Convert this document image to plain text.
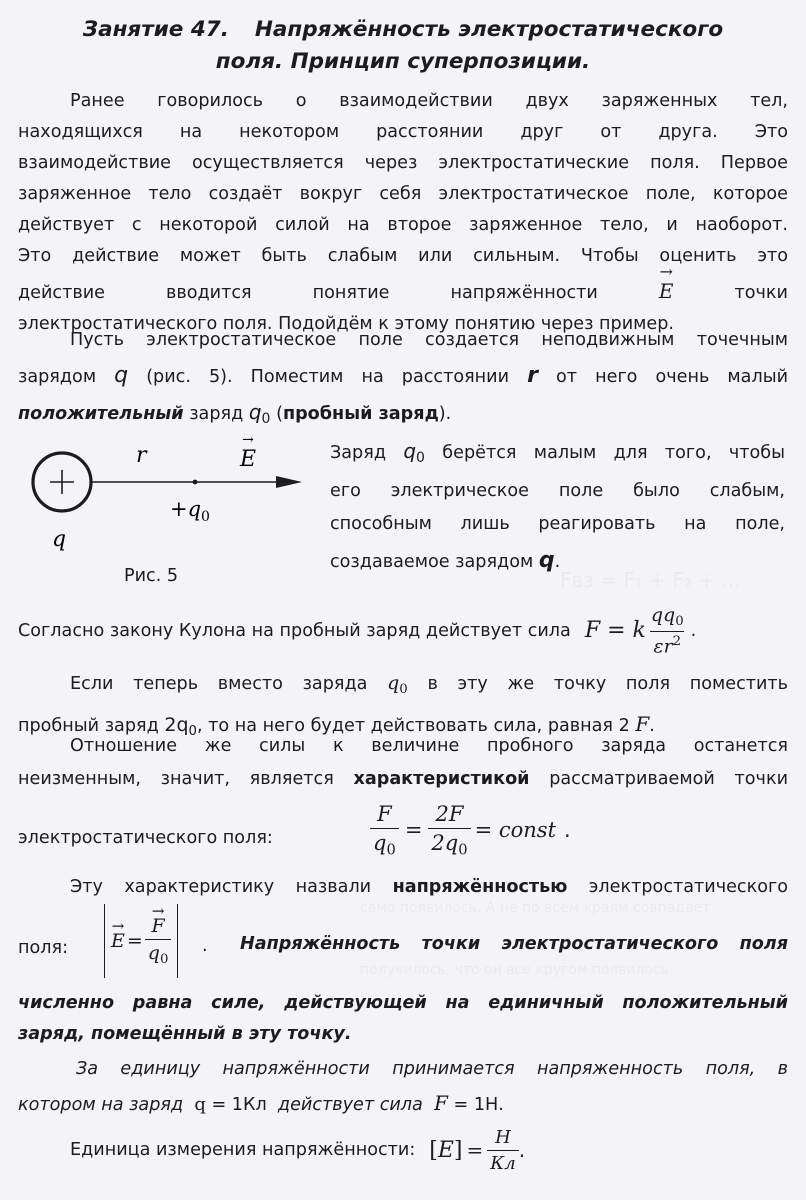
Fвз = F₁ + F₂ + ...
само появилось. А не по всем краям совпадает
получилось, что он все кругом появилось
Занятие 47. Напряжённость электростатического
поля. Принцип суперпозиции.
Ранее говорилось о взаимодействии двух заряженных тел,
находящихся на некотором расстоянии друг от друга. Это
взаимодействие осуществляется через электростатические поля. Первое
заряженное тело создаёт вокруг себя электростатическое поле, которое
действует с некоторой силой на второе заряженное тело, и наоборот.
Это действие может быть слабым или сильным. Чтобы оценить это
действие	вводится	понятие	напряжённости
→
E	точки
электростатического поля. Подойдём к этому понятию через пример.
Пусть электростатическое поле создается неподвижным точечным
зарядом q (рис. 5). Поместим на расстоянии r от него очень малый
положительный заряд $q_0$ (пробный заряд).
r
→
E
$+q_0$
q
Рис. 5
Заряд $q_0$ берётся малым для того, чтобы
его электрическое поле было слабым,
способным лишь реагировать на поле,
создаваемое зарядом q.
Согласно закону Кулона на пробный заряд действует сила F = k $\frac{qq_0}{\varepsilon r^2}$ .
Если теперь вместо заряда $q_0$ в эту же точку поля поместить
пробный заряд $2q_0$, то на него будет действовать сила, равная 2 F.
Отношение же силы к величине пробного заряда останется
неизменным, значит, является характеристикой рассматриваемой точки
электростатического поля:	$\frac{F}{q_0} = \frac{2F}{2q_0}$ = const .
Эту характеристику назвали напряжённостью электростатического
поля:
→
E = →
F
$q_0$ . Напряжённость точки электростатического поля
численно равна силе, действующей на единичный положительный
заряд, помещённый в эту точку.
За единицу напряжённости принимается напряженность поля, в
котором на заряд q = 1Кл действует сила F = 1Н.
Единица измерения напряжённости: $[E] = \frac{Н}{Кл}$ .
